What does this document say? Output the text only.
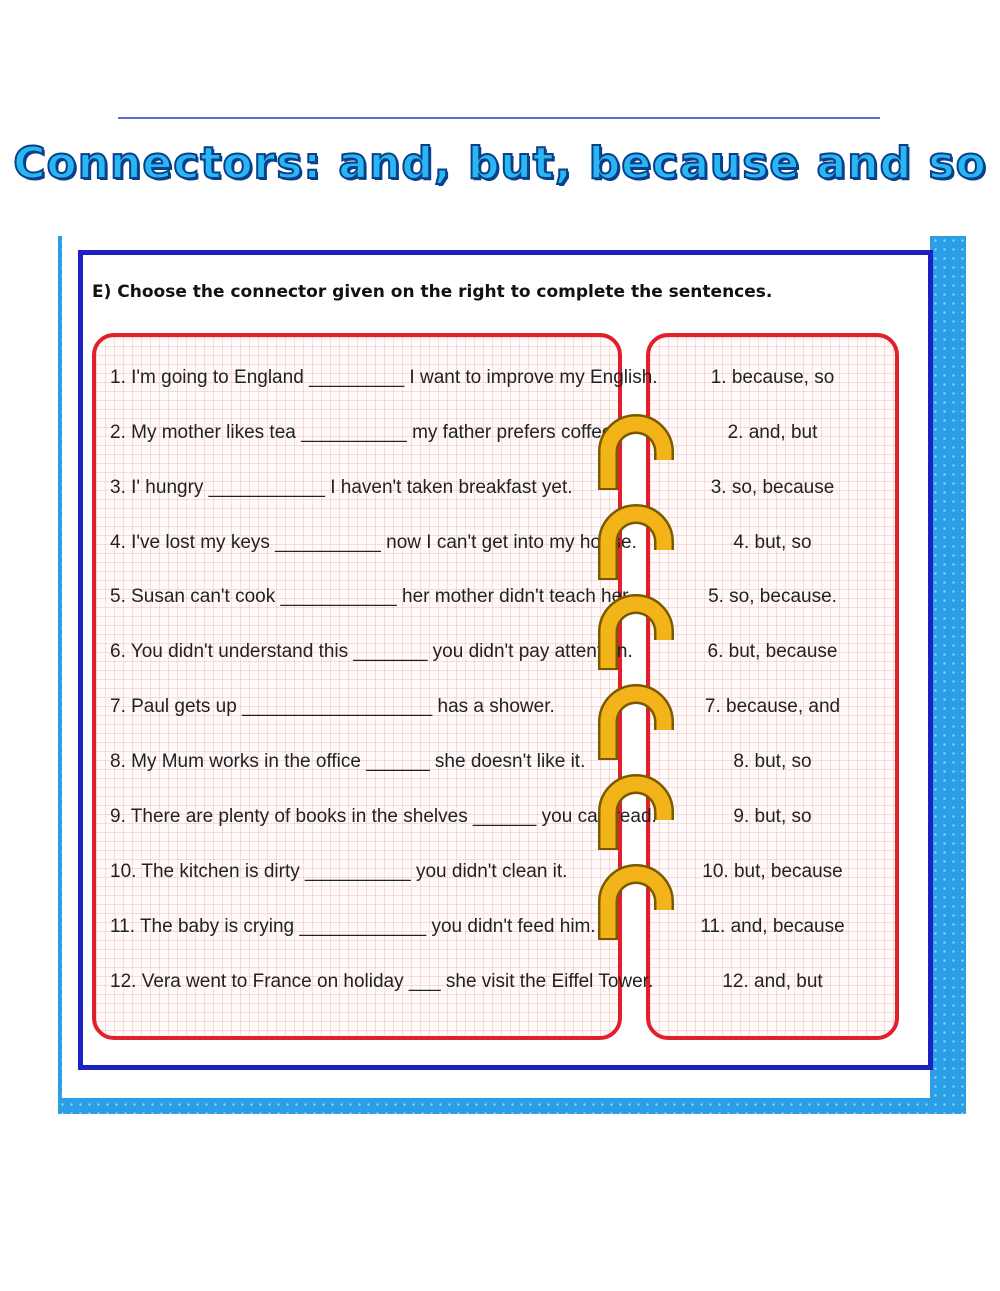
Connectors: and, but, because and so
E) Choose the connector given on the right to complete the sentences.
1. I'm going to England _________ I want to improve my English.
2. My mother likes tea __________ my father prefers coffee.
3. I' hungry ___________ I haven't taken breakfast yet.
4. I've lost my keys __________ now I can't get into my house.
5. Susan can't cook ___________ her mother didn't teach her.
6. You didn't understand this _______ you didn't pay attention.
7. Paul gets up __________________ has a shower.
8. My Mum works in the office ______ she doesn't like it.
9. There are plenty of books in the shelves ______ you can read.
10. The kitchen is dirty __________ you didn't clean it.
11. The baby is crying ____________ you didn't feed him.
12. Vera went to France on holiday ___ she visit the Eiffel Tower.
1. because, so
2. and, but
3. so, because
4. but, so
5. so, because.
6. but, because
7. because, and
8. but, so
9. but, so
10. but, because
11. and, because
12. and, but
